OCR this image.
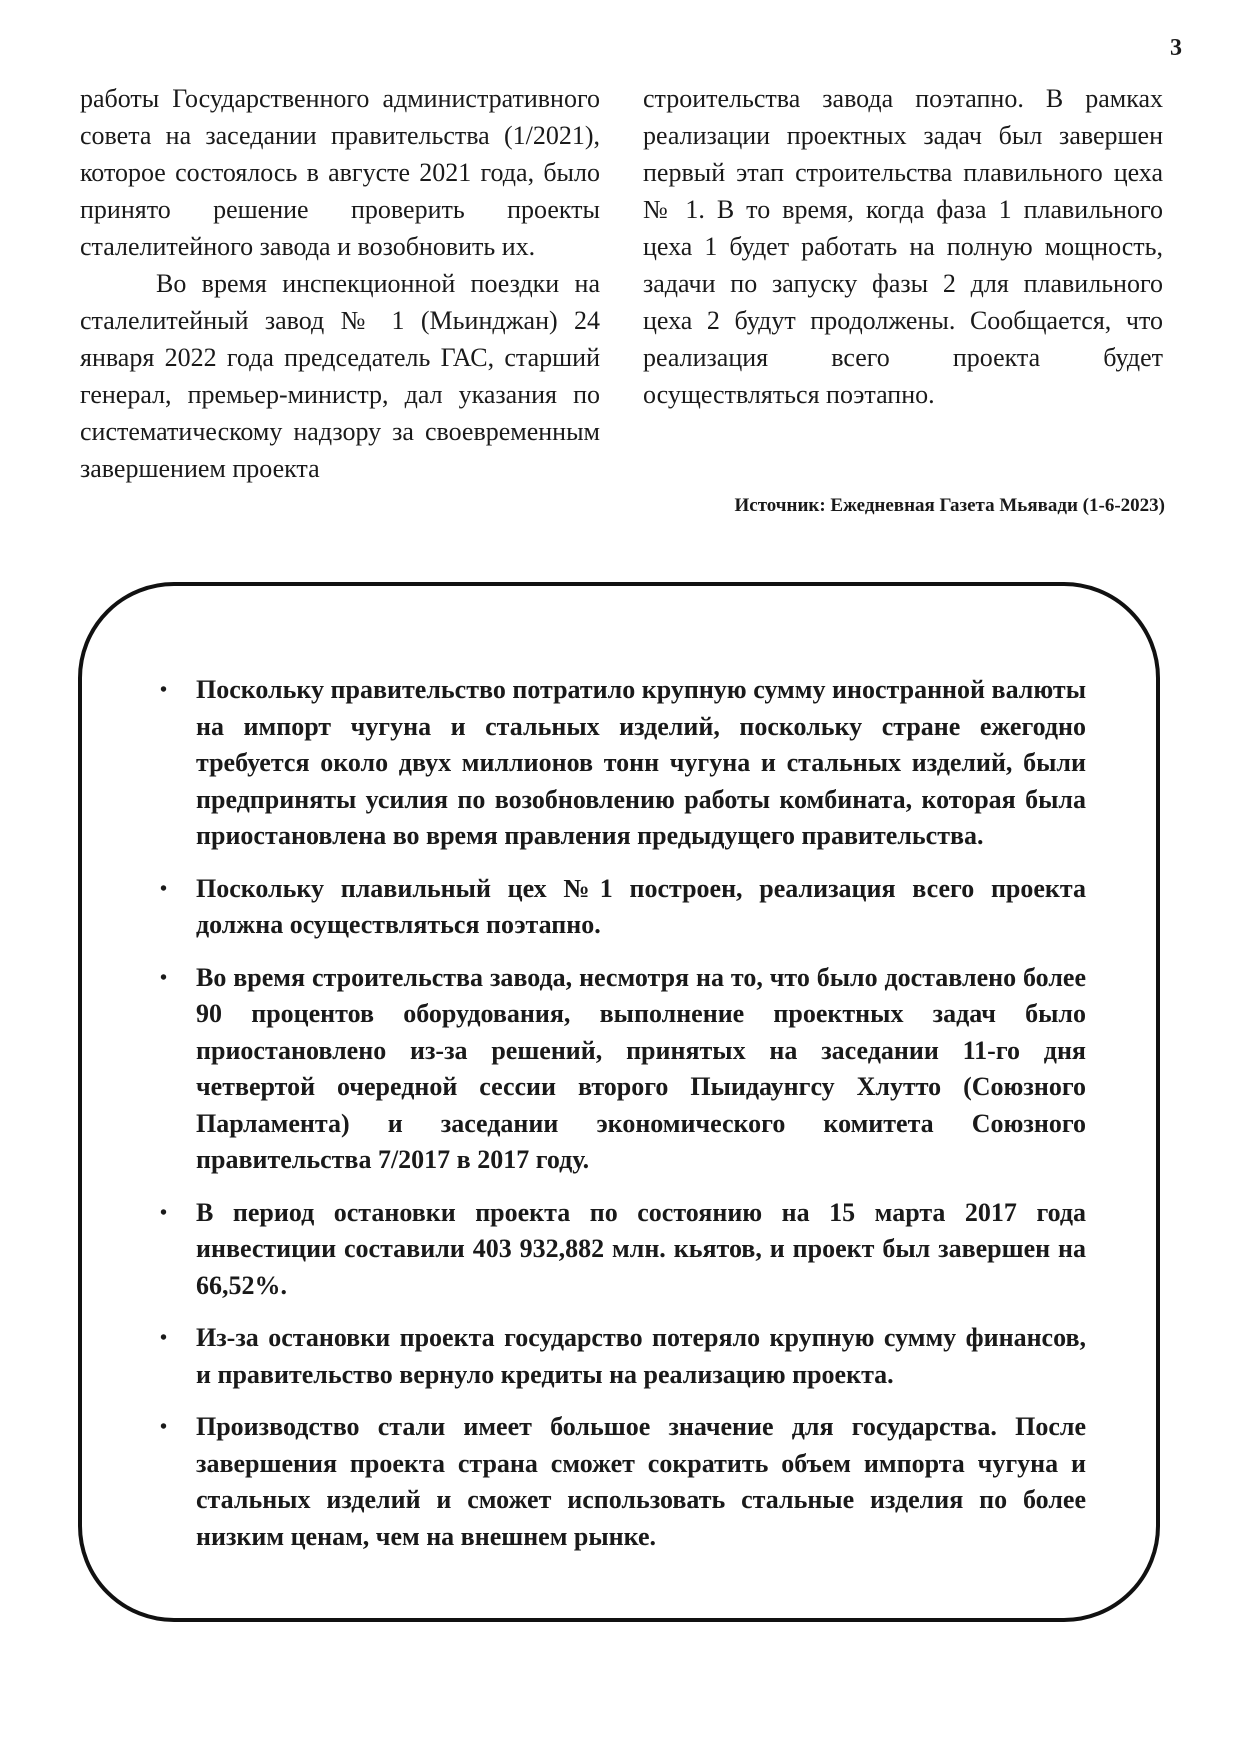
3

работы Государственного административного совета на заседании правительства (1/2021), которое состоялось в августе 2021 года, было принято решение проверить проекты сталелитейного завода и возобновить их.

Во время инспекционной поездки на сталелитейный завод № 1 (Мьинджан) 24 января 2022 года председатель ГАС, старший генерал, премьер-министр, дал указания по систематическому надзору за своевременным завершением проекта

строительства завода поэтапно. В рамках реализации проектных задач был завершен первый этап строительства плавильного цеха № 1. В то время, когда фаза 1 плавильного цеха 1 будет работать на полную мощность, задачи по запуску фазы 2 для плавильного цеха 2 будут продолжены. Сообщается, что реализация всего проекта будет осуществляться поэтапно.

Источник: Ежедневная Газета Мьявади (1-6-2023)
• Поскольку правительство потратило крупную сумму иностранной валюты на импорт чугуна и стальных изделий, поскольку стране ежегодно требуется около двух миллионов тонн чугуна и стальных изделий, были предприняты усилия по возобновлению работы комбината, которая была приостановлена во время правления предыдущего правительства.
• Поскольку плавильный цех №1 построен, реализация всего проекта должна осуществляться поэтапно.
• Во время строительства завода, несмотря на то, что было доставлено более 90 процентов оборудования, выполнение проектных задач было приостановлено из-за решений, принятых на заседании 11-го дня четвертой очередной сессии второго Пыидаунгсу Хлутто (Союзного Парламента) и заседании экономического комитета Союзного правительства 7/2017 в 2017 году.
• В период остановки проекта по состоянию на 15 марта 2017 года инвестиции составили 403 932,882 млн. кьятов, и проект был завершен на 66,52%.
• Из-за остановки проекта государство потеряло крупную сумму финансов, и правительство вернуло кредиты на реализацию проекта.
• Производство стали имеет большое значение для государства. После завершения проекта страна сможет сократить объем импорта чугуна и стальных изделий и сможет использовать стальные изделия по более низким ценам, чем на внешнем рынке.
